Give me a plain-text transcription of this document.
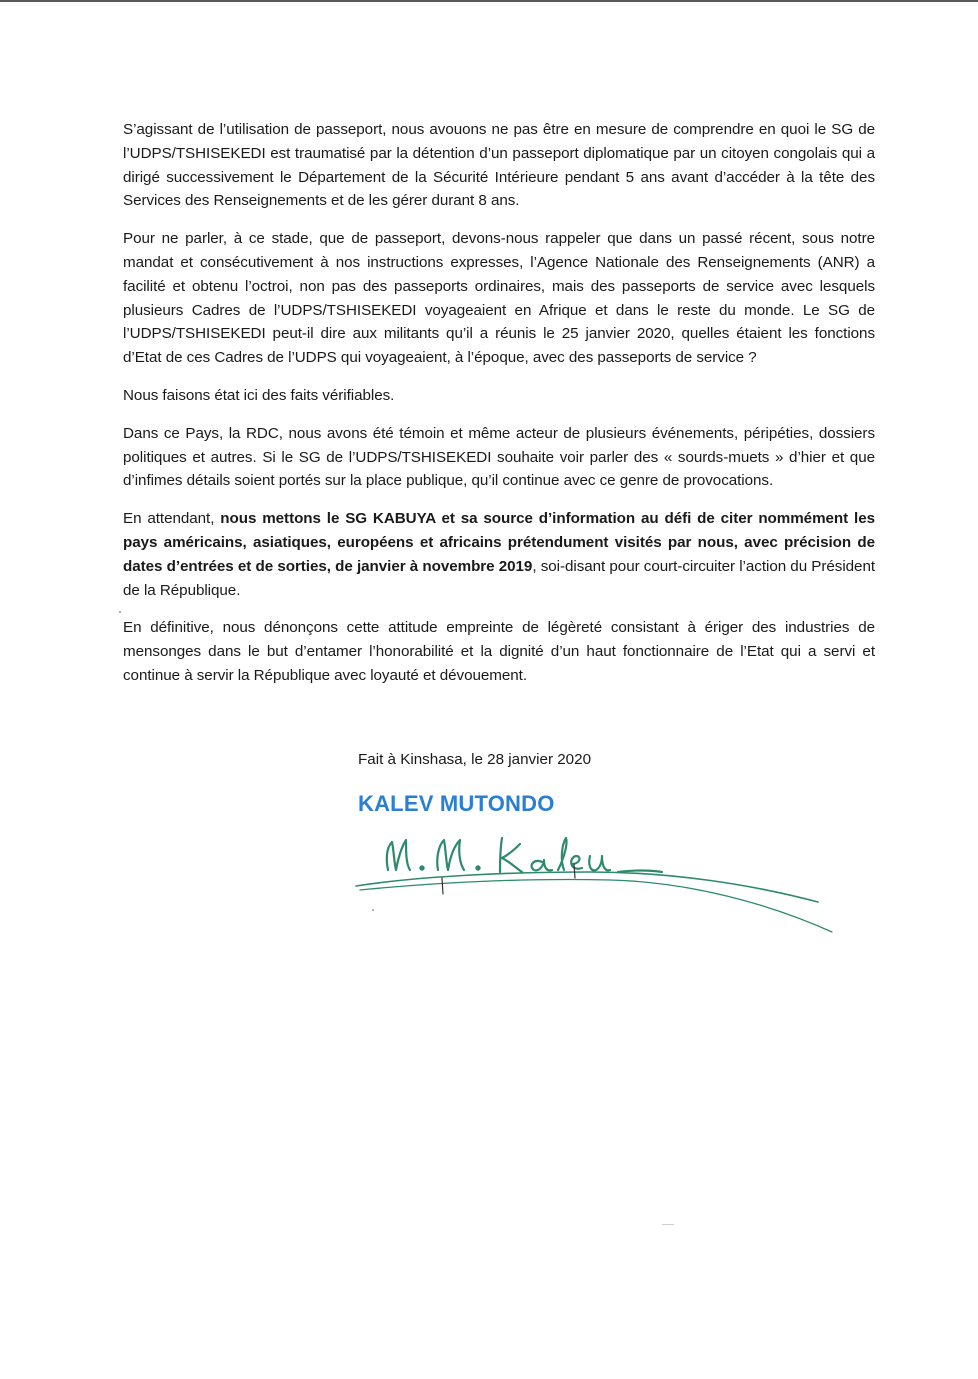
S’agissant de l’utilisation de passeport, nous avouons ne pas être en mesure de comprendre en quoi le SG de l’UDPS/TSHISEKEDI est traumatisé par la détention d’un passeport diplomatique par un citoyen congolais qui a dirigé successivement le Département de la Sécurité Intérieure pendant 5 ans avant d’accéder à la tête des Services des Renseignements et de les gérer durant 8 ans.

Pour ne parler, à ce stade, que de passeport, devons-nous rappeler que dans un passé récent, sous notre mandat et consécutivement à nos instructions expresses, l’Agence Nationale des Renseignements (ANR) a facilité et obtenu l’octroi, non pas des passeports ordinaires, mais des passeports de service avec lesquels plusieurs Cadres de l’UDPS/TSHISEKEDI voyageaient en Afrique et dans le reste du monde. Le SG de l’UDPS/TSHISEKEDI peut-il dire aux militants qu’il a réunis le 25 janvier 2020, quelles étaient les fonctions d’Etat de ces Cadres de l’UDPS qui voyageaient, à l’époque, avec des passeports de service ?

Nous faisons état ici des faits vérifiables.

Dans ce Pays, la RDC, nous avons été témoin et même acteur de plusieurs événements, péripéties, dossiers politiques et autres. Si le SG de l’UDPS/TSHISEKEDI souhaite voir parler des « sourds-muets » d’hier et que d’infimes détails soient portés sur la place publique, qu’il continue avec ce genre de provocations.

En attendant, nous mettons le SG KABUYA et sa source d’information au défi de citer nommément les pays américains, asiatiques, européens et africains prétendument visités par nous, avec précision de dates d’entrées et de sorties, de janvier à novembre 2019, soi-disant pour court-circuiter l’action du Président de la République.

En définitive, nous dénonçons cette attitude empreinte de légèreté consistant à ériger des industries de mensonges dans le but d’entamer l’honorabilité et la dignité d’un haut fonctionnaire de l’Etat qui a servi et continue à servir la République avec loyauté et dévouement.

Fait à Kinshasa, le 28 janvier 2020

KALEV MUTONDO
